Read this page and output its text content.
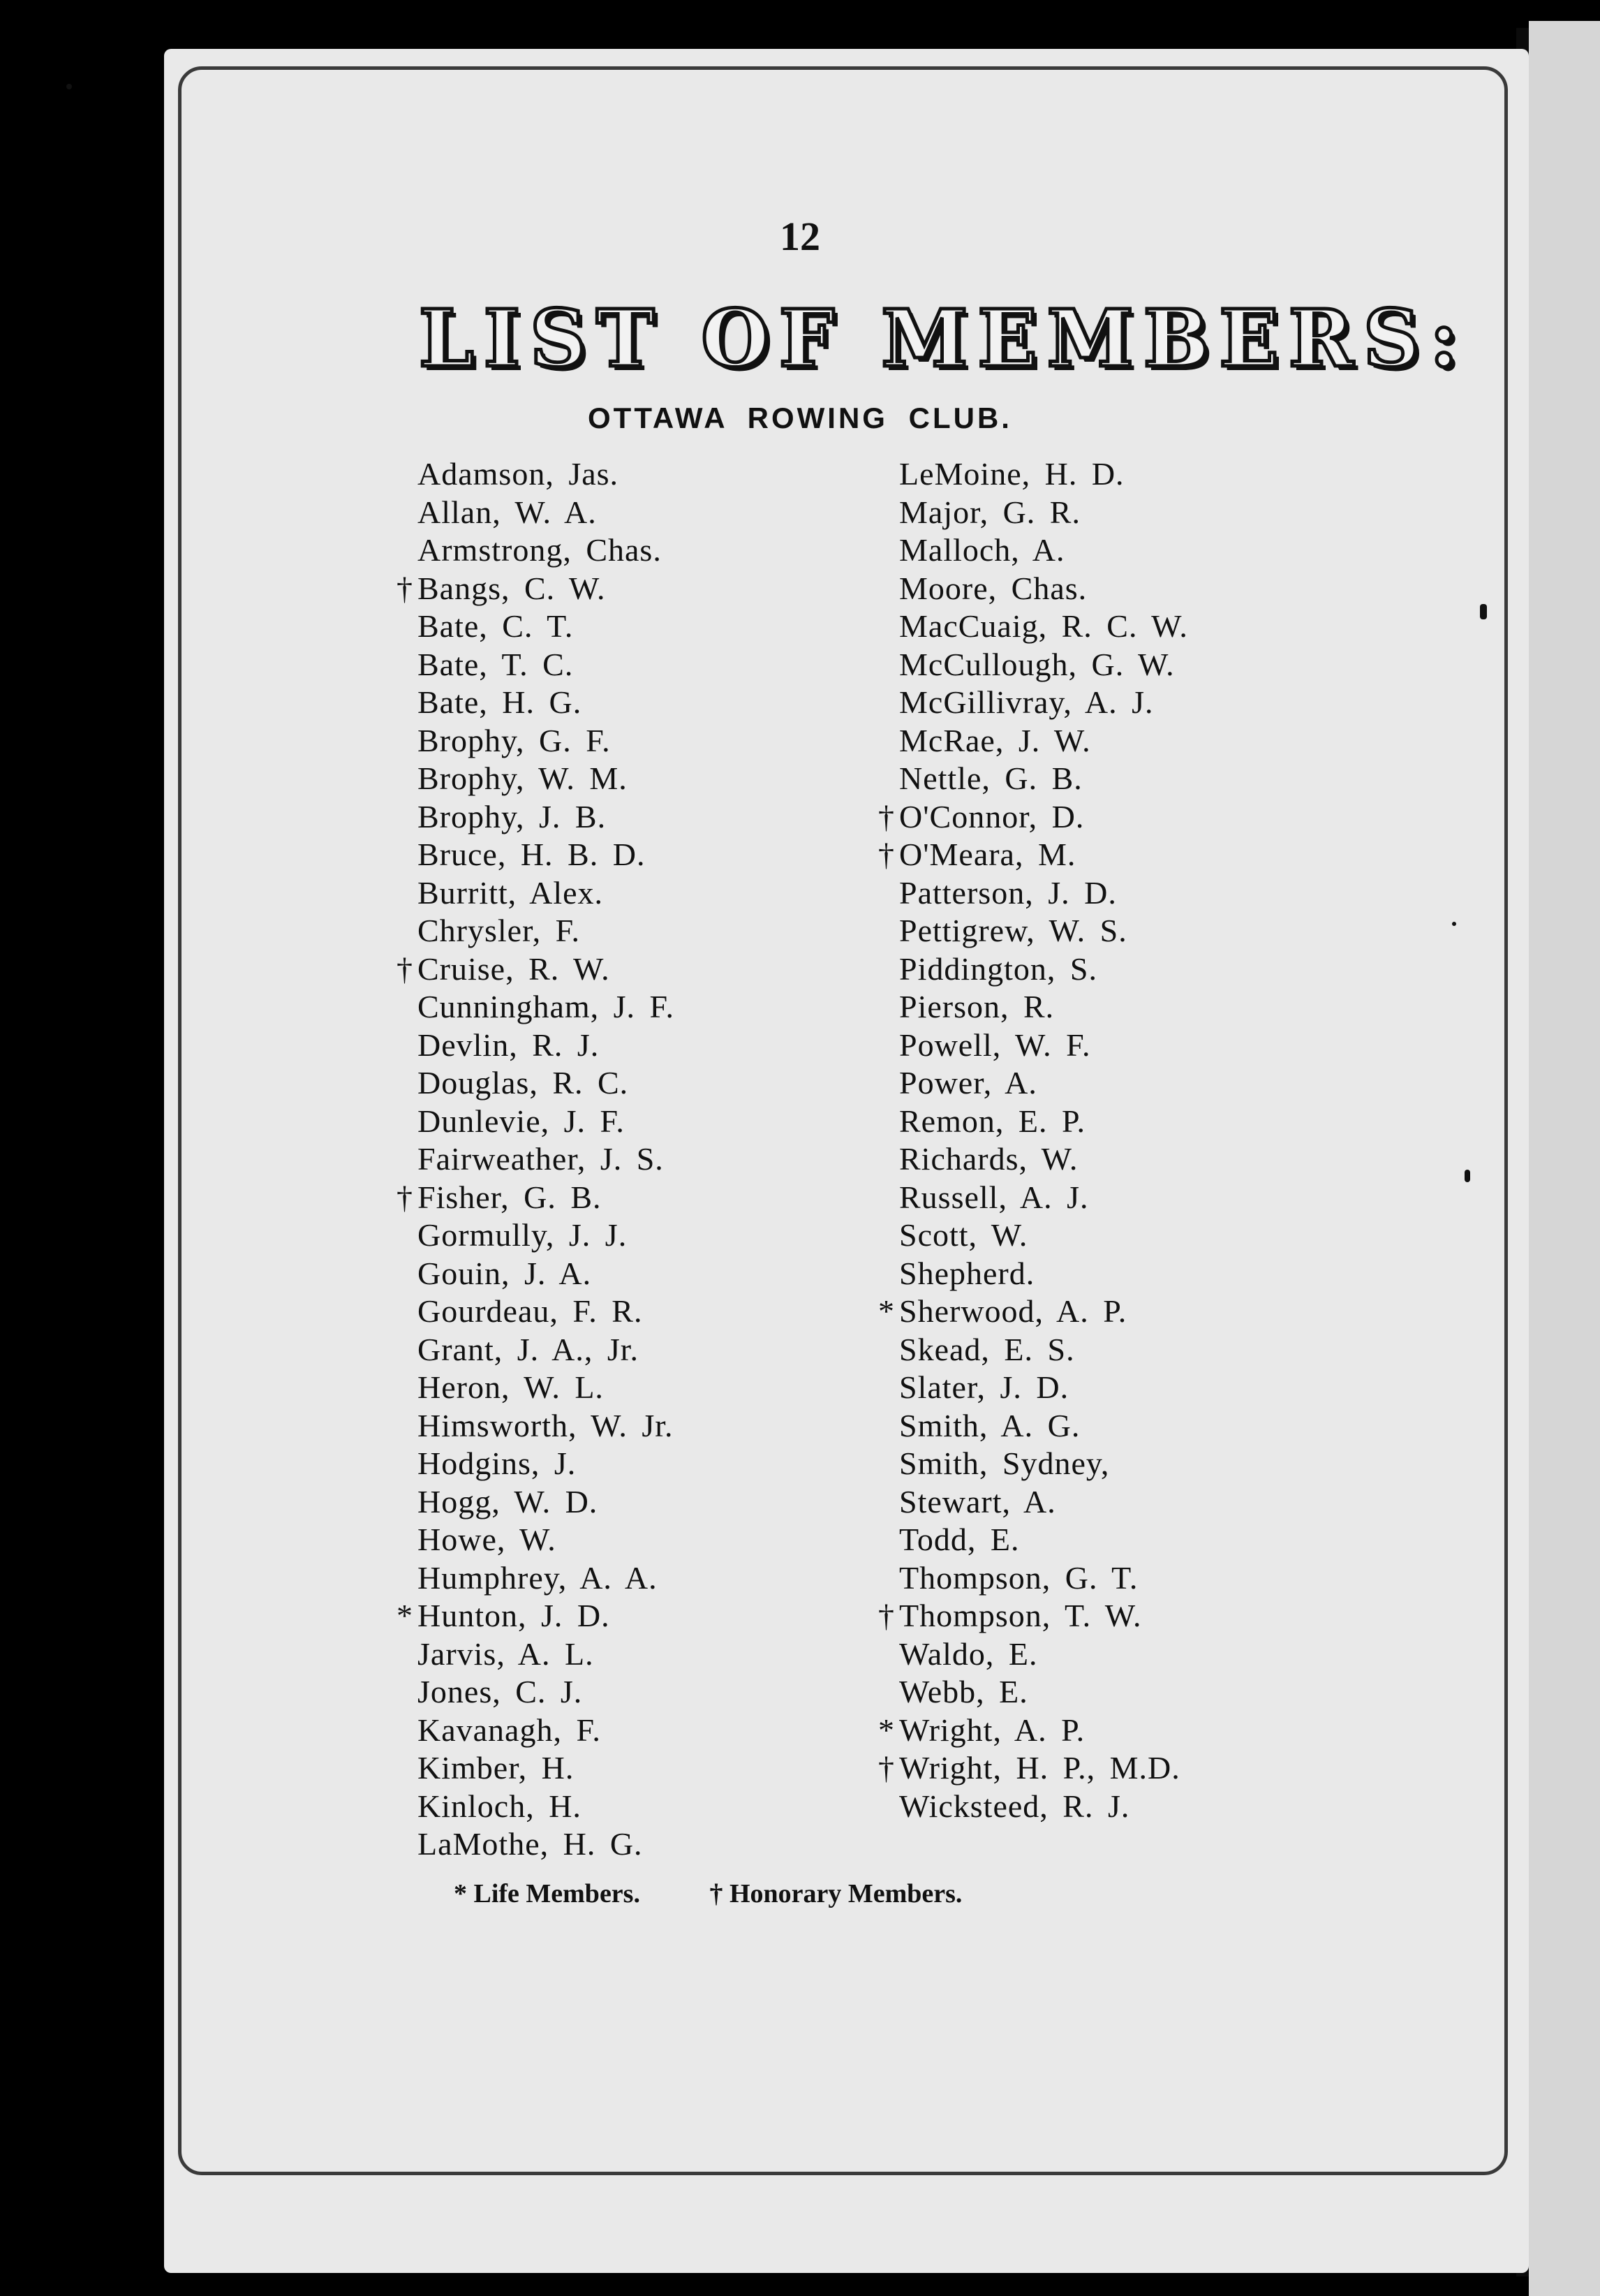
12
LIST OF MEMBERS:
OTTAWA ROWING CLUB.
Adamson, Jas.
Allan, W. A.
Armstrong, Chas.
† Bangs, C. W.
Bate, C. T.
Bate, T. C.
Bate, H. G.
Brophy, G. F.
Brophy, W. M.
Brophy, J. B.
Bruce, H. B. D.
Burritt, Alex.
Chrysler, F.
† Cruise, R. W.
Cunningham, J. F.
Devlin, R. J.
Douglas, R. C.
Dunlevie, J. F.
Fairweather, J. S.
† Fisher, G. B.
Gormully, J. J.
Gouin, J. A.
Gourdeau, F. R.
Grant, J. A., Jr.
Heron, W. L.
Himsworth, W. Jr.
Hodgins, J.
Hogg, W. D.
Howe, W.
Humphrey, A. A.
* Hunton, J. D.
Jarvis, A. L.
Jones, C. J.
Kavanagh, F.
Kimber, H.
Kinloch, H.
LaMothe, H. G.
LeMoine, H. D.
Major, G. R.
Malloch, A.
Moore, Chas.
MacCuaig, R. C. W.
McCullough, G. W.
McGillivray, A. J.
McRae, J. W.
Nettle, G. B.
† O'Connor, D.
† O'Meara, M.
Patterson, J. D.
Pettigrew, W. S.
Piddington, S.
Pierson, R.
Powell, W. F.
Power, A.
Remon, E. P.
Richards, W.
Russell, A. J.
Scott, W.
Shepherd.
* Sherwood, A. P.
Skead, E. S.
Slater, J. D.
Smith, A. G.
Smith, Sydney,
Stewart, A.
Todd, E.
Thompson, G. T.
† Thompson, T. W.
Waldo, E.
Webb, E.
* Wright, A. P.
† Wright, H. P., M.D.
Wicksteed, R. J.
* Life Members.	† Honorary Members.
